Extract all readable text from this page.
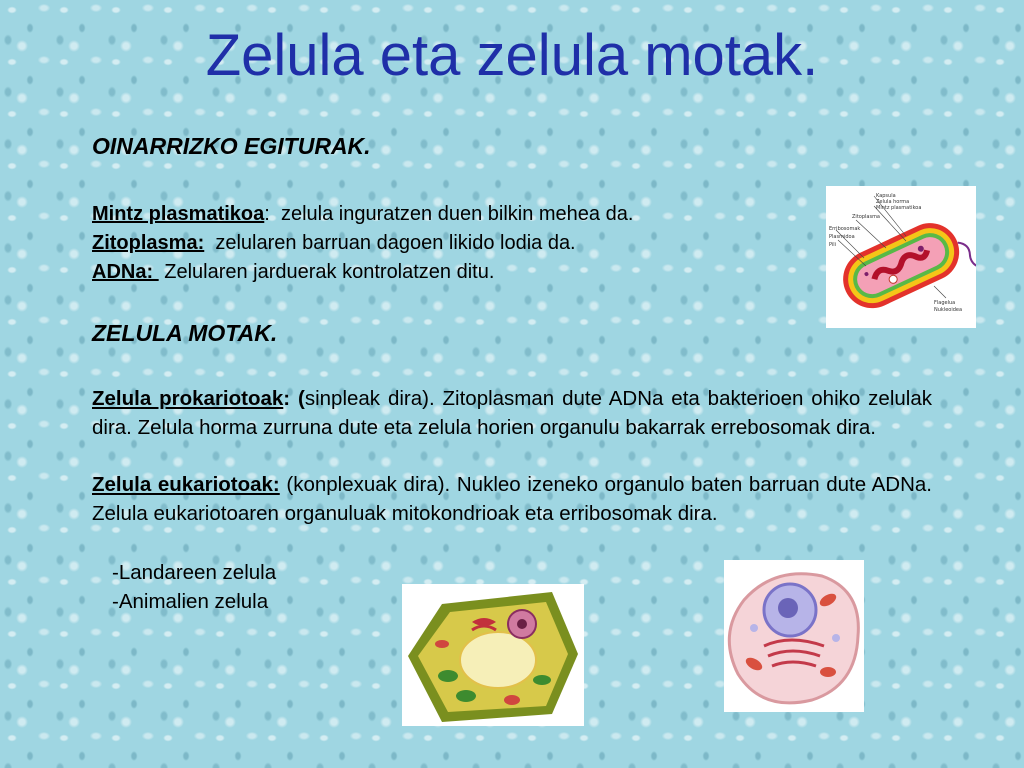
Zelula eta zelula motak.
OINARRIZKO EGITURAK.

Mintz plasmatikoa:  zelula inguratzen duen bilkin mehea da.

Zitoplasma:  zelularen barruan dagoen likido lodia da.

ADNa:  Zelularen jarduerak kontrolatzen ditu.

ZELULA MOTAK.

Zelula prokariotoak: (sinpleak dira). Zitoplasman dute ADNa eta bakterioen ohiko zelulak dira. Zelula horma zurruna dute eta zelula horien organulu bakarrak errebosomak dira.

Zelula eukariotoak: (konplexuak dira). Nukleo izeneko organulo baten barruan dute ADNa. Zelula eukariotoaren organuluak mitokondrioak eta erribosomak dira.

-Landareen zelula

-Animalien zelula

Kapsula
Zelula horma
Mintz plasmatikoa
Zitoplasma
Erribosomak
Plasmidoa
Pili
Flagelua
Nukleoidea
